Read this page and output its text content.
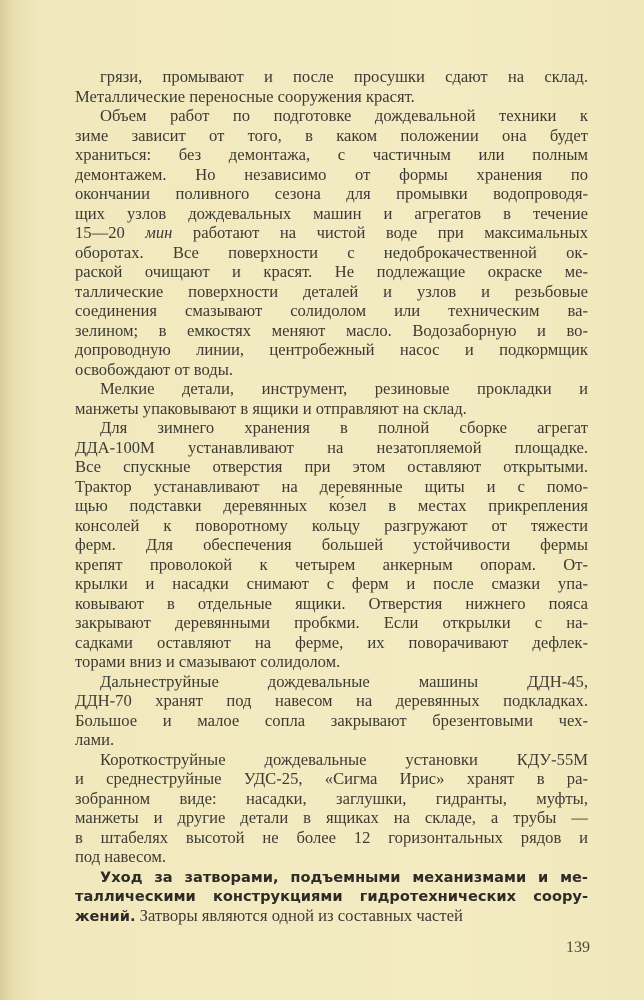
грязи, промывают и после просушки сдают на склад.
Металлические переносные сооружения красят.
Объем работ по подготовке дождевальной техники к
зиме зависит от того, в каком положении она будет
храниться: без демонтажа, с частичным или полным
демонтажем. Но независимо от формы хранения по
окончании поливного сезона для промывки водопроводя-
щих узлов дождевальных машин и агрегатов в течение
15—20 мин работают на чистой воде при максимальных
оборотах. Все поверхности с недоброкачественной ок-
раской очищают и красят. Не подлежащие окраске ме-
таллические поверхности деталей и узлов и резьбовые
соединения смазывают солидолом или техническим ва-
зелином; в емкостях меняют масло. Водозаборную и во-
допроводную линии, центробежный насос и подкормщик
освобождают от воды.
Мелкие детали, инструмент, резиновые прокладки и
манжеты упаковывают в ящики и отправляют на склад.
Для зимнего хранения в полной сборке агрегат
ДДА-100М устанавливают на незатопляемой площадке.
Все спускные отверстия при этом оставляют открытыми.
Трактор устанавливают на деревянные щиты и с помо-
щью подставки деревянных ко́зел в местах прикрепления
консолей к поворотному кольцу разгружают от тяжести
ферм. Для обеспечения большей устойчивости фермы
крепят проволокой к четырем анкерным опорам. От-
крылки и насадки снимают с ферм и после смазки упа-
ковывают в отдельные ящики. Отверстия нижнего пояса
закрывают деревянными пробкми. Если открылки с на-
садками оставляют на ферме, их поворачивают дефлек-
торами вниз и смазывают солидолом.
Дальнеструйные дождевальные машины ДДН-45,
ДДН-70 хранят под навесом на деревянных подкладках.
Большое и малое сопла закрывают брезентовыми чех-
лами.
Короткоструйные дождевальные установки КДУ-55М
и среднеструйные УДС-25, «Сигма Ирис» хранят в ра-
зобранном виде: насадки, заглушки, гидранты, муфты,
манжеты и другие детали в ящиках на складе, а трубы —
в штабелях высотой не более 12 горизонтальных рядов и
под навесом.
Уход за затворами, подъемными механизмами и ме-
таллическими конструкциями гидротехнических соору-
жений. Затворы являются одной из составных частей
139
